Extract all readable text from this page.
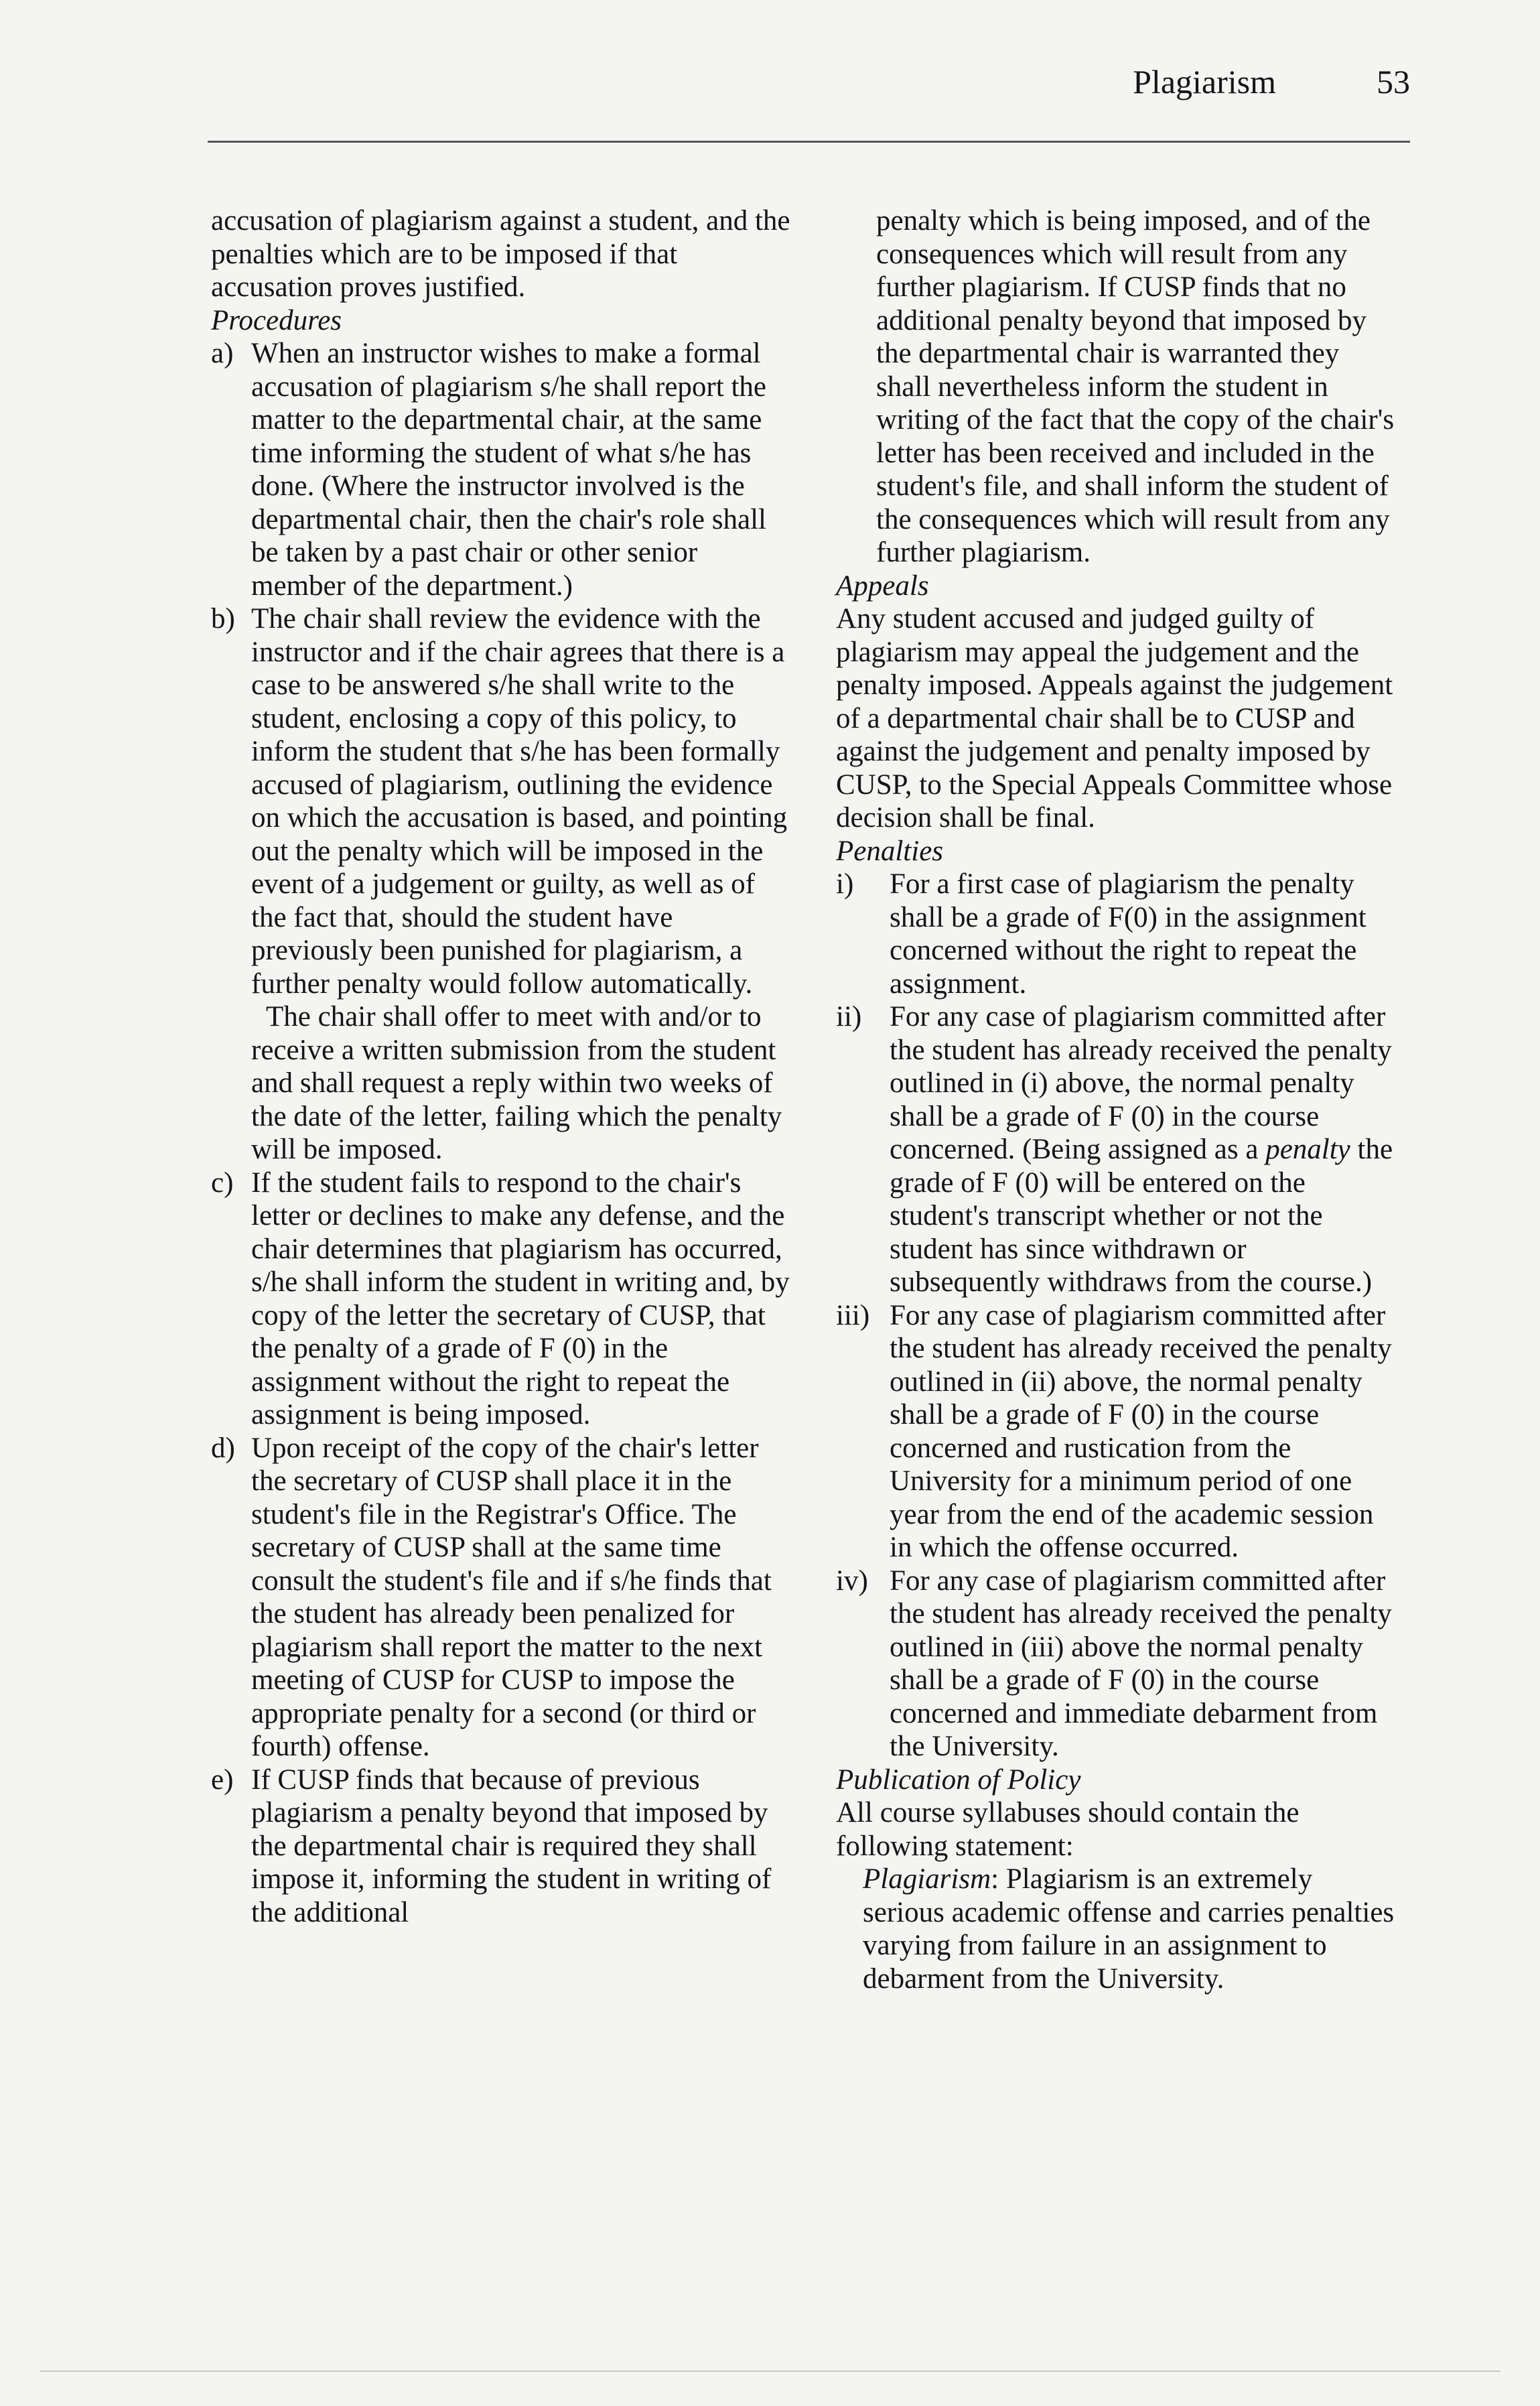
Plagiarism	53

accusation of plagiarism against a student, and the penalties which are to be imposed if that accusation proves justified.

Procedures

a) When an instructor wishes to make a formal accusation of plagiarism s/he shall report the matter to the departmental chair, at the same time informing the student of what s/he has done. (Where the instructor involved is the departmental chair, then the chair's role shall be taken by a past chair or other senior member of the department.)
b) The chair shall review the evidence with the instructor and if the chair agrees that there is a case to be answered s/he shall write to the student, enclosing a copy of this policy, to inform the student that s/he has been formally accused of plagiarism, outlining the evidence on which the accusation is based, and pointing out the penalty which will be imposed in the event of a judgement or guilty, as well as of the fact that, should the student have previously been punished for plagiarism, a further penalty would follow automatically.

The chair shall offer to meet with and/or to receive a written submission from the student and shall request a reply within two weeks of the date of the letter, failing which the penalty will be imposed.

c) If the student fails to respond to the chair's letter or declines to make any defense, and the chair determines that plagiarism has occurred, s/he shall inform the student in writing and, by copy of the letter the secretary of CUSP, that the penalty of a grade of F (0) in the assignment without the right to repeat the assignment is being imposed.
d) Upon receipt of the copy of the chair's letter the secretary of CUSP shall place it in the student's file in the Registrar's Office. The secretary of CUSP shall at the same time consult the student's file and if s/he finds that the student has already been penalized for plagiarism shall report the matter to the next meeting of CUSP for CUSP to impose the appropriate penalty for a second (or third or fourth) offense.
e) If CUSP finds that because of previous plagiarism a penalty beyond that imposed by the departmental chair is required they shall impose it, informing the student in writing of the additional

penalty which is being imposed, and of the consequences which will result from any further plagiarism. If CUSP finds that no additional penalty beyond that imposed by the departmental chair is warranted they shall nevertheless inform the student in writing of the fact that the copy of the chair's letter has been received and included in the student's file, and shall inform the student of the consequences which will result from any further plagiarism.

Appeals

Any student accused and judged guilty of plagiarism may appeal the judgement and the penalty imposed. Appeals against the judgement of a departmental chair shall be to CUSP and against the judgement and penalty imposed by CUSP, to the Special Appeals Committee whose decision shall be final.

Penalties

i)	For a first case of plagiarism the penalty shall be a grade of F(0) in the assignment concerned without the right to repeat the assignment.
ii) For any case of plagiarism committed after the student has already received the penalty outlined in (i) above, the normal penalty shall be a grade of F (0) in the course concerned. (Being assigned as a penalty the grade of F (0) will be entered on the student's transcript whether or not the student has since withdrawn or subsequently withdraws from the course.)
iii) For any case of plagiarism committed after the student has already received the penalty outlined in (ii) above, the normal penalty shall be a grade of F (0) in the course concerned and rustication from the University for a minimum period of one year from the end of the academic session in which the offense occurred.
iv) For any case of plagiarism committed after the student has already received the penalty outlined in (iii) above the normal penalty shall be a grade of F (0) in the course concerned and immediate debarment from the University.

Publication of Policy

All course syllabuses should contain the following statement:

Plagiarism: Plagiarism is an extremely serious academic offense and carries penalties varying from failure in an assignment to debarment from the University.
